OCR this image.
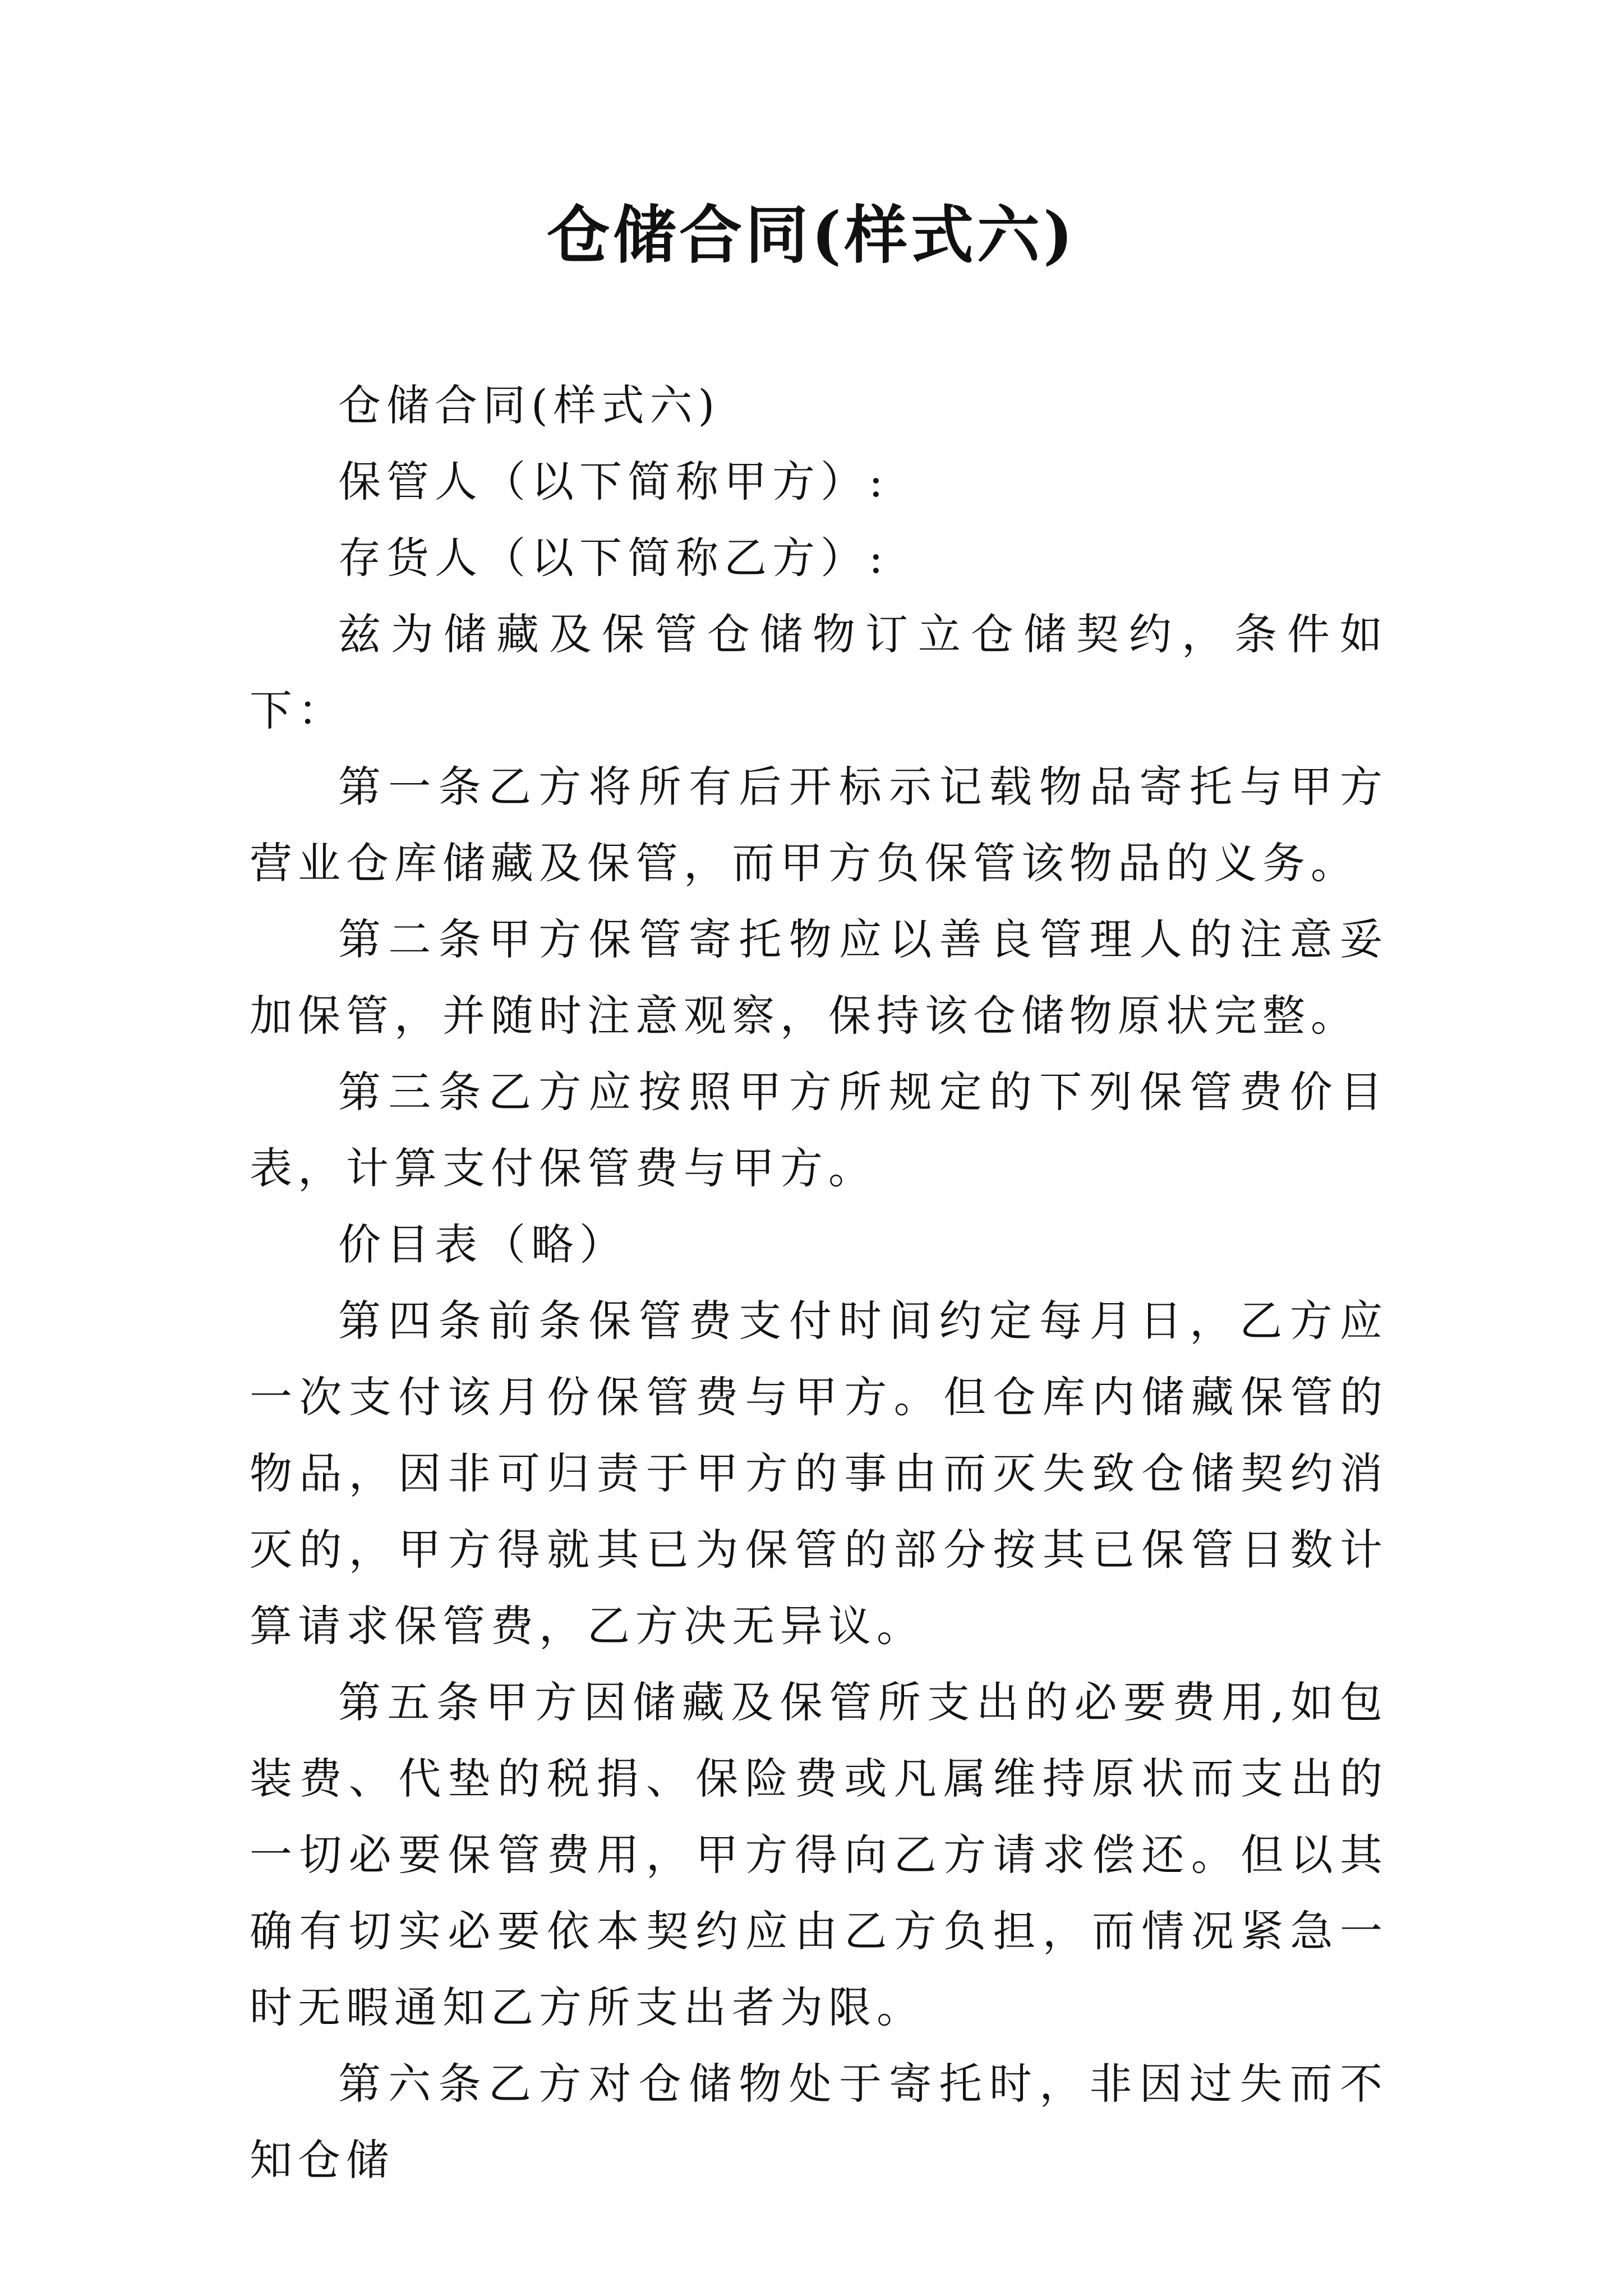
仓储合同(样式六)

仓储合同(样式六)

保管人（以下简称甲方）:

存货人（以下简称乙方）:

兹为储藏及保管仓储物订立仓储契约，条件如下：

第一条乙方将所有后开标示记载物品寄托与甲方营业仓库储藏及保管，而甲方负保管该物品的义务。

第二条甲方保管寄托物应以善良管理人的注意妥加保管，并随时注意观察，保持该仓储物原状完整。

第三条乙方应按照甲方所规定的下列保管费价目表，计算支付保管费与甲方。

价目表（略）

第四条前条保管费支付时间约定每月日，乙方应一次支付该月份保管费与甲方。但仓库内储藏保管的物品，因非可归责于甲方的事由而灭失致仓储契约消灭的，甲方得就其已为保管的部分按其已保管日数计算请求保管费，乙方决无异议。

第五条甲方因储藏及保管所支出的必要费用,如包装费、代垫的税捐、保险费或凡属维持原状而支出的一切必要保管费用，甲方得向乙方请求偿还。但以其确有切实必要依本契约应由乙方负担，而情况紧急一时无暇通知乙方所支出者为限。

第六条乙方对仓储物处于寄托时，非因过失而不知仓储
